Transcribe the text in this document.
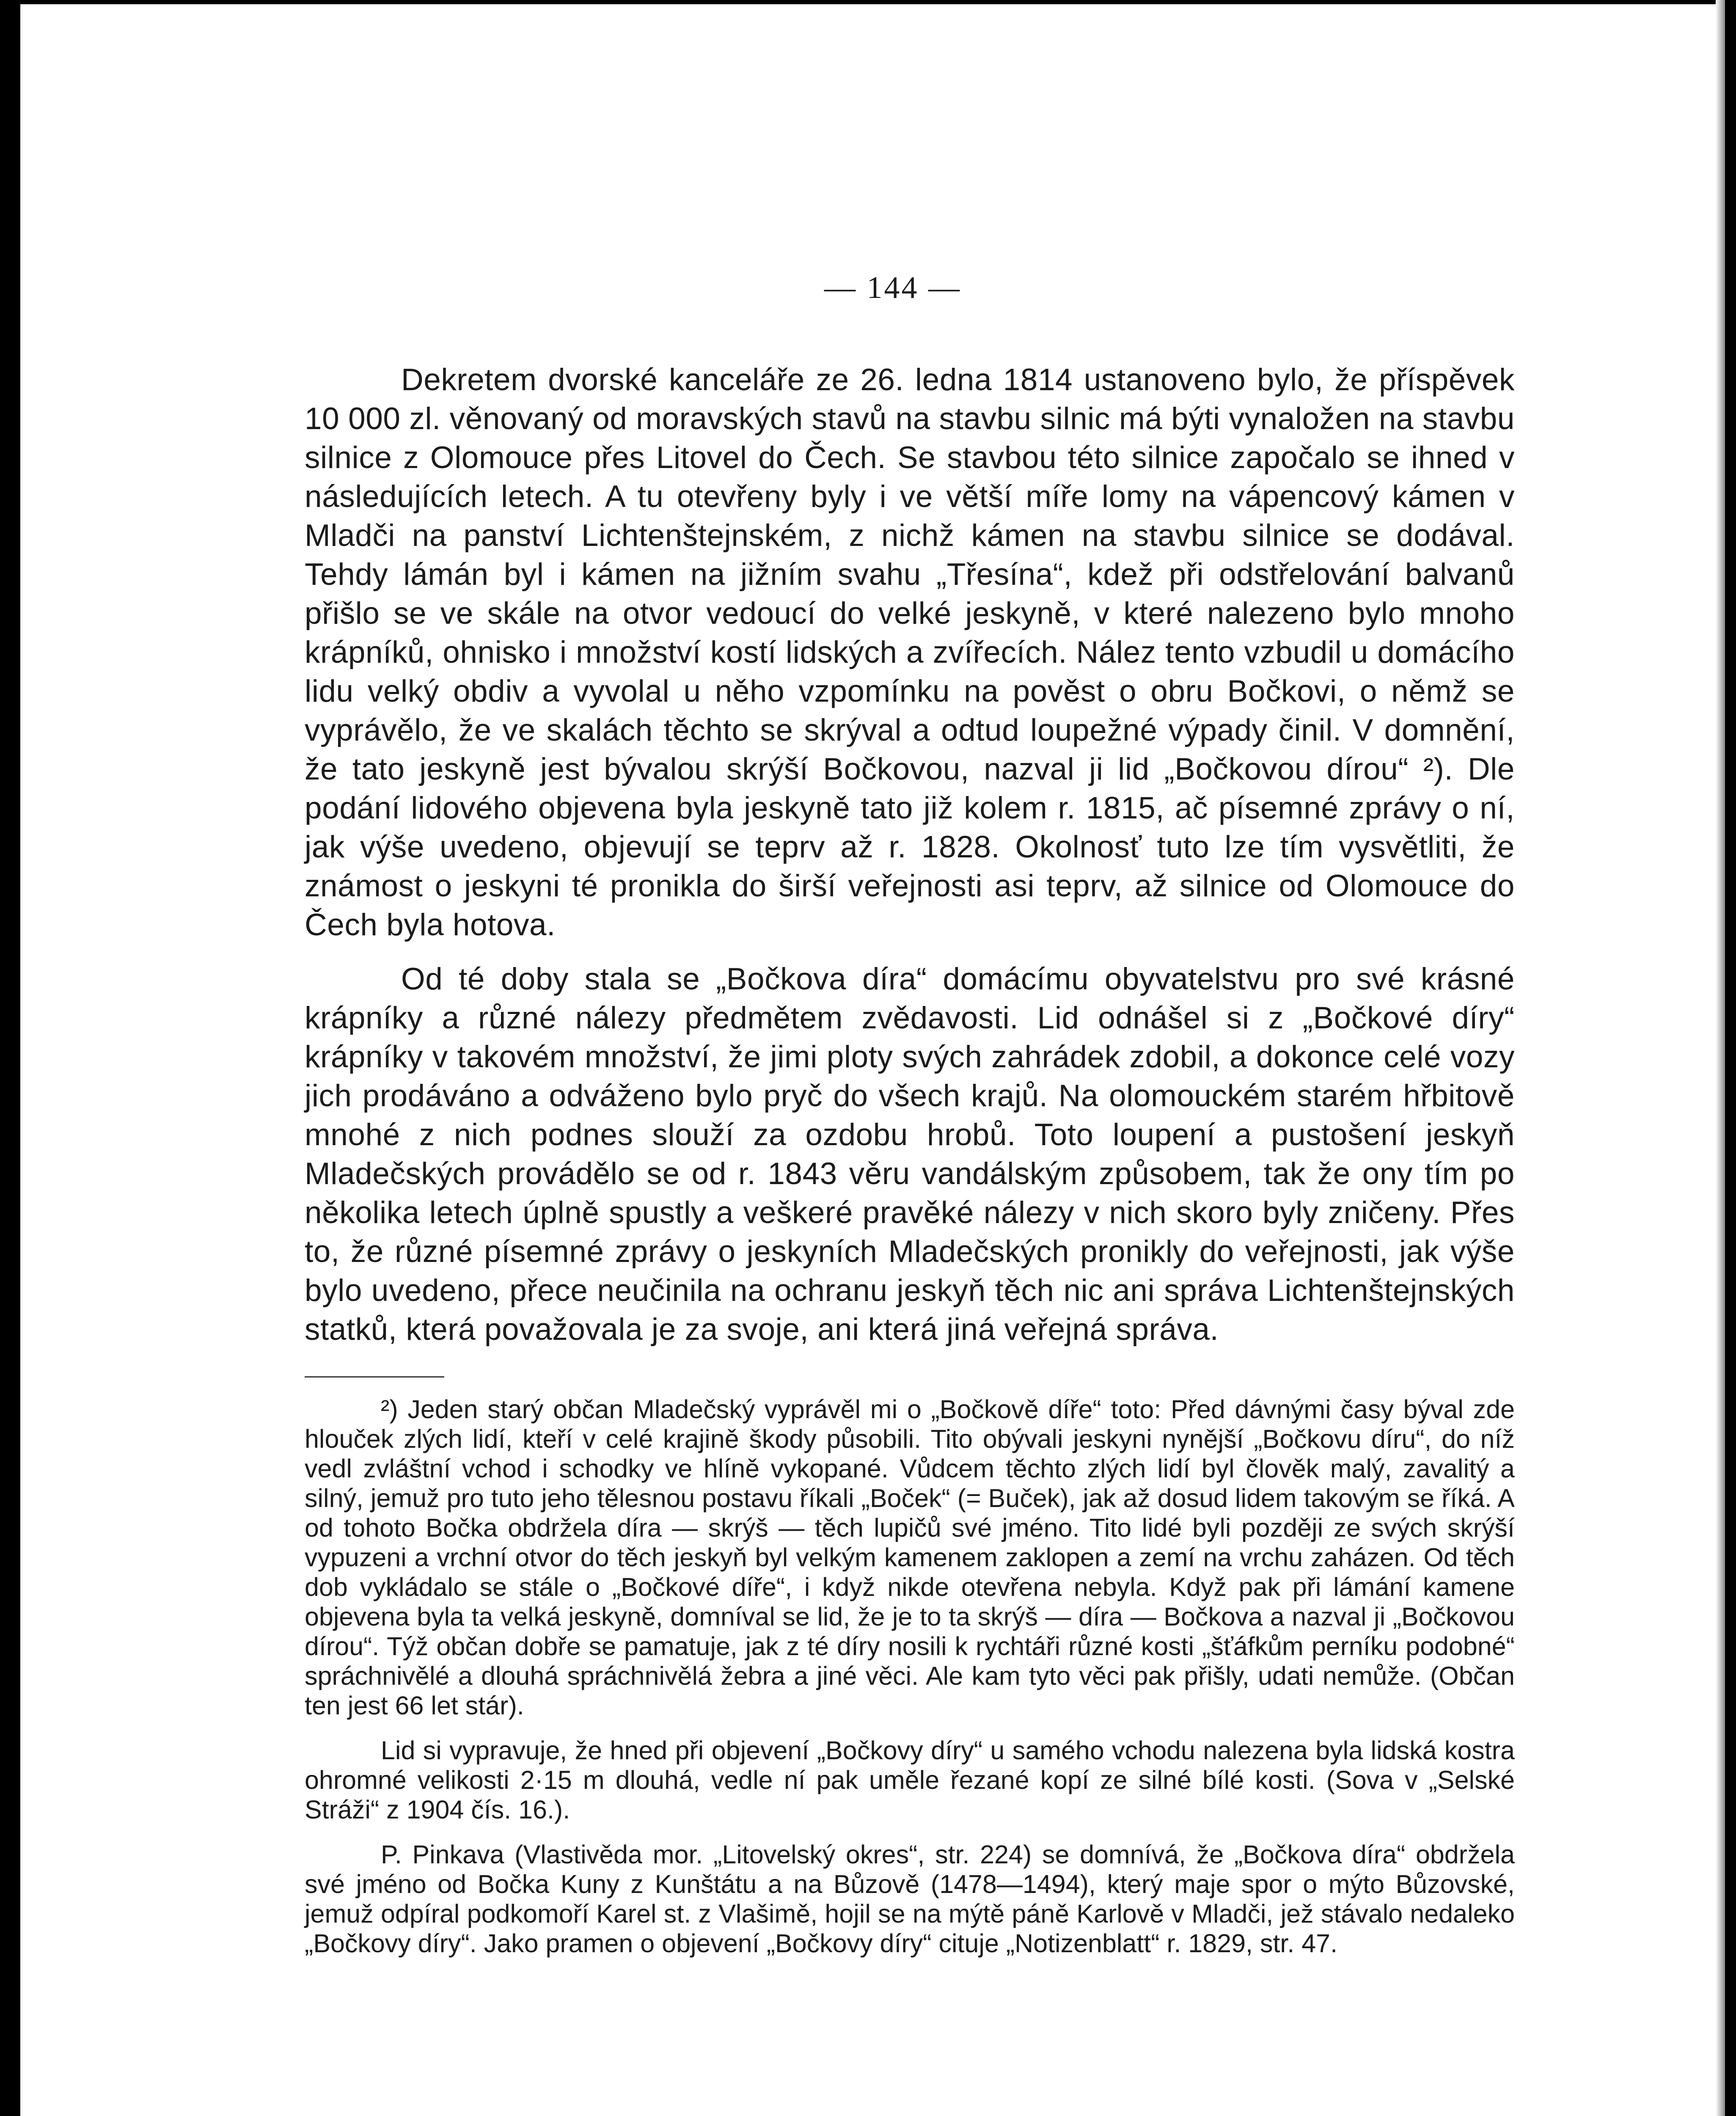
— 144 —

Dekretem dvorské kanceláře ze 26. ledna 1814 ustanoveno bylo, že příspěvek 10 000 zl. věnovaný od moravských stavů na stavbu silnic má býti vynaložen na stavbu silnice z Olomouce přes Litovel do Čech. Se stavbou této silnice započalo se ihned v následujících letech. A tu otevřeny byly i ve větší míře lomy na vápencový kámen v Mladči na panství Lichtenštejnském, z nichž kámen na stavbu silnice se dodával. Tehdy lámán byl i kámen na jižním svahu „Třesína“, kdež při odstřelování balvanů přišlo se ve skále na otvor vedoucí do velké jeskyně, v které nalezeno bylo mnoho krápníků, ohnisko i množství kostí lidských a zvířecích. Nález tento vzbudil u domácího lidu velký obdiv a vyvolal u něho vzpomínku na pověst o obru Bočkovi, o němž se vyprávělo, že ve skalách těchto se skrýval a odtud loupežné výpady činil. V domnění, že tato jeskyně jest bývalou skrýší Bočkovou, nazval ji lid „Bočkovou dírou“ ²). Dle podání lidového objevena byla jeskyně tato již kolem r. 1815, ač písemné zprávy o ní, jak výše uvedeno, objevují se teprv až r. 1828. Okolnosť tuto lze tím vysvětliti, že známost o jeskyni té pronikla do širší veřejnosti asi teprv, až silnice od Olomouce do Čech byla hotova.

Od té doby stala se „Bočkova díra“ domácímu obyvatelstvu pro své krásné krápníky a různé nálezy předmětem zvědavosti. Lid odnášel si z „Bočkové díry“ krápníky v takovém množství, že jimi ploty svých zahrádek zdobil, a dokonce celé vozy jich prodáváno a odváženo bylo pryč do všech krajů. Na olomouckém starém hřbitově mnohé z nich podnes slouží za ozdobu hrobů. Toto loupení a pustošení jeskyň Mladečských provádělo se od r. 1843 věru vandálským způsobem, tak že ony tím po několika letech úplně spustly a veškeré pravěké nálezy v nich skoro byly zničeny. Přes to, že různé písemné zprávy o jeskyních Mladečských pronikly do veřejnosti, jak výše bylo uvedeno, přece neučinila na ochranu jeskyň těch nic ani správa Lichtenštejnských statků, která považovala je za svoje, ani která jiná veřejná správa.

²) Jeden starý občan Mladečský vyprávěl mi o „Bočkově díře“ toto: Před dávnými časy býval zde hlouček zlých lidí, kteří v celé krajině škody působili. Tito obývali jeskyni nynější „Bočkovu díru“, do níž vedl zvláštní vchod i schodky ve hlíně vykopané. Vůdcem těchto zlých lidí byl člověk malý, zavalitý a silný, jemuž pro tuto jeho tělesnou postavu říkali „Boček“ (= Buček), jak až dosud lidem takovým se říká. A od tohoto Bočka obdržela díra — skrýš — těch lupičů své jméno. Tito lidé byli později ze svých skrýší vypuzeni a vrchní otvor do těch jeskyň byl velkým kamenem zaklopen a zemí na vrchu zaházen. Od těch dob vykládalo se stále o „Bočkové díře“, i když nikde otevřena nebyla. Když pak při lámání kamene objevena byla ta velká jeskyně, domníval se lid, že je to ta skrýš — díra — Bočkova a nazval ji „Bočkovou dírou“. Týž občan dobře se pamatuje, jak z té díry nosili k rychtáři různé kosti „šťáfkům perníku podobné“ spráchnivělé a dlouhá spráchnivělá žebra a jiné věci. Ale kam tyto věci pak přišly, udati nemůže. (Občan ten jest 66 let stár).

Lid si vypravuje, že hned při objevení „Bočkovy díry“ u samého vchodu nalezena byla lidská kostra ohromné velikosti 2·15 m dlouhá, vedle ní pak uměle řezané kopí ze silné bílé kosti. (Sova v „Selské Stráži“ z 1904 čís. 16.).

P. Pinkava (Vlastivěda mor. „Litovelský okres“, str. 224) se domnívá, že „Bočkova díra“ obdržela své jméno od Bočka Kuny z Kunštátu a na Bůzově (1478—1494), který maje spor o mýto Bůzovské, jemuž odpíral podkomoří Karel st. z Vlašimě, hojil se na mýtě páně Karlově v Mladči, jež stávalo nedaleko „Bočkovy díry“. Jako pramen o objevení „Bočkovy díry“ cituje „Notizenblatt“ r. 1829, str. 47.
